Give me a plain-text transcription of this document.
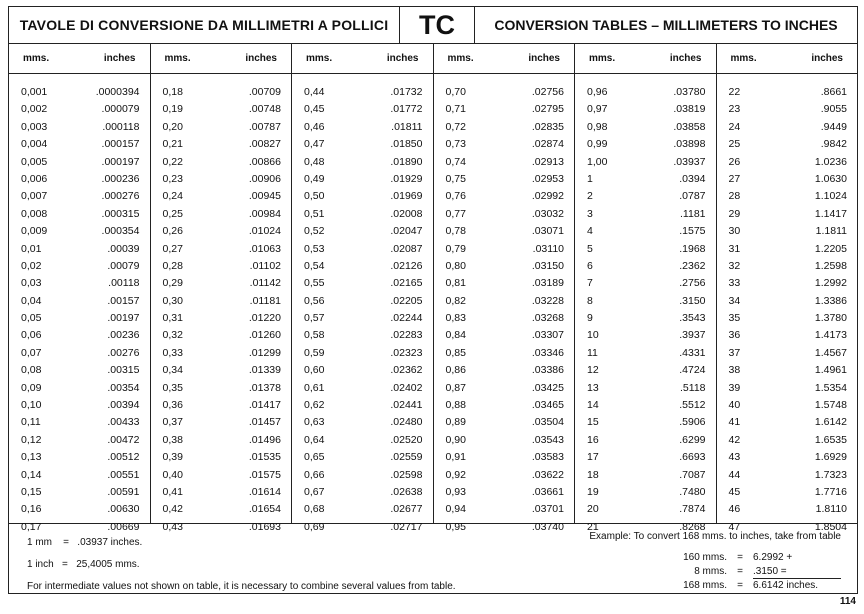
TAVOLE DI CONVERSIONE DA MILLIMETRI A POLLICI	TC	CONVERSION TABLES – MILLIMETERS TO INCHES
mms.	inches
0,001	.0000394
0,002	.000079
0,003	.000118
0,004	.000157
0,005	.000197
0,006	.000236
0,007	.000276
0,008	.000315
0,009	.000354
0,01	.00039
0,02	.00079
0,03	.00118
0,04	.00157
0,05	.00197
0,06	.00236
0,07	.00276
0,08	.00315
0,09	.00354
0,10	.00394
0,11	.00433
0,12	.00472
0,13	.00512
0,14	.00551
0,15	.00591
0,16	.00630
0,17	.00669
mms.	inches
0,18	.00709
0,19	.00748
0,20	.00787
0,21	.00827
0,22	.00866
0,23	.00906
0,24	.00945
0,25	.00984
0,26	.01024
0,27	.01063
0,28	.01102
0,29	.01142
0,30	.01181
0,31	.01220
0,32	.01260
0,33	.01299
0,34	.01339
0,35	.01378
0,36	.01417
0,37	.01457
0,38	.01496
0,39	.01535
0,40	.01575
0,41	.01614
0,42	.01654
0,43	.01693
mms.	inches
0,44	.01732
0,45	.01772
0,46	.01811
0,47	.01850
0,48	.01890
0,49	.01929
0,50	.01969
0,51	.02008
0,52	.02047
0,53	.02087
0,54	.02126
0,55	.02165
0,56	.02205
0,57	.02244
0,58	.02283
0,59	.02323
0,60	.02362
0,61	.02402
0,62	.02441
0,63	.02480
0,64	.02520
0,65	.02559
0,66	.02598
0,67	.02638
0,68	.02677
0,69	.02717
mms.	inches
0,70	.02756
0,71	.02795
0,72	.02835
0,73	.02874
0,74	.02913
0,75	.02953
0,76	.02992
0,77	.03032
0,78	.03071
0,79	.03110
0,80	.03150
0,81	.03189
0,82	.03228
0,83	.03268
0,84	.03307
0,85	.03346
0,86	.03386
0,87	.03425
0,88	.03465
0,89	.03504
0,90	.03543
0,91	.03583
0,92	.03622
0,93	.03661
0,94	.03701
0,95	.03740
mms.	inches
0,96	.03780
0,97	.03819
0,98	.03858
0,99	.03898
1,00	.03937
1	.0394
2	.0787
3	.1181
4	.1575
5	.1968
6	.2362
7	.2756
8	.3150
9	.3543
10	.3937
11	.4331
12	.4724
13	.5118
14	.5512
15	.5906
16	.6299
17	.6693
18	.7087
19	.7480
20	.7874
21	.8268
mms.	inches
22	.8661
23	.9055
24	.9449
25	.9842
26	1.0236
27	1.0630
28	1.1024
29	1.1417
30	1.1811
31	1.2205
32	1.2598
33	1.2992
34	1.3386
35	1.3780
36	1.4173
37	1.4567
38	1.4961
39	1.5354
40	1.5748
41	1.6142
42	1.6535
43	1.6929
44	1.7323
45	1.7716
46	1.8110
47	1.8504
1 mm    =   .03937 inches.
1 inch   =   25,4005 mms.
For intermediate values not shown on table, it is necessary to combine several values from table.
Example: To convert 168 mms. to inches, take from table
160 mms.	=	6.2992 +
8 mms.	=	.3150 =
168 mms.	=	6.6142 inches.
114
